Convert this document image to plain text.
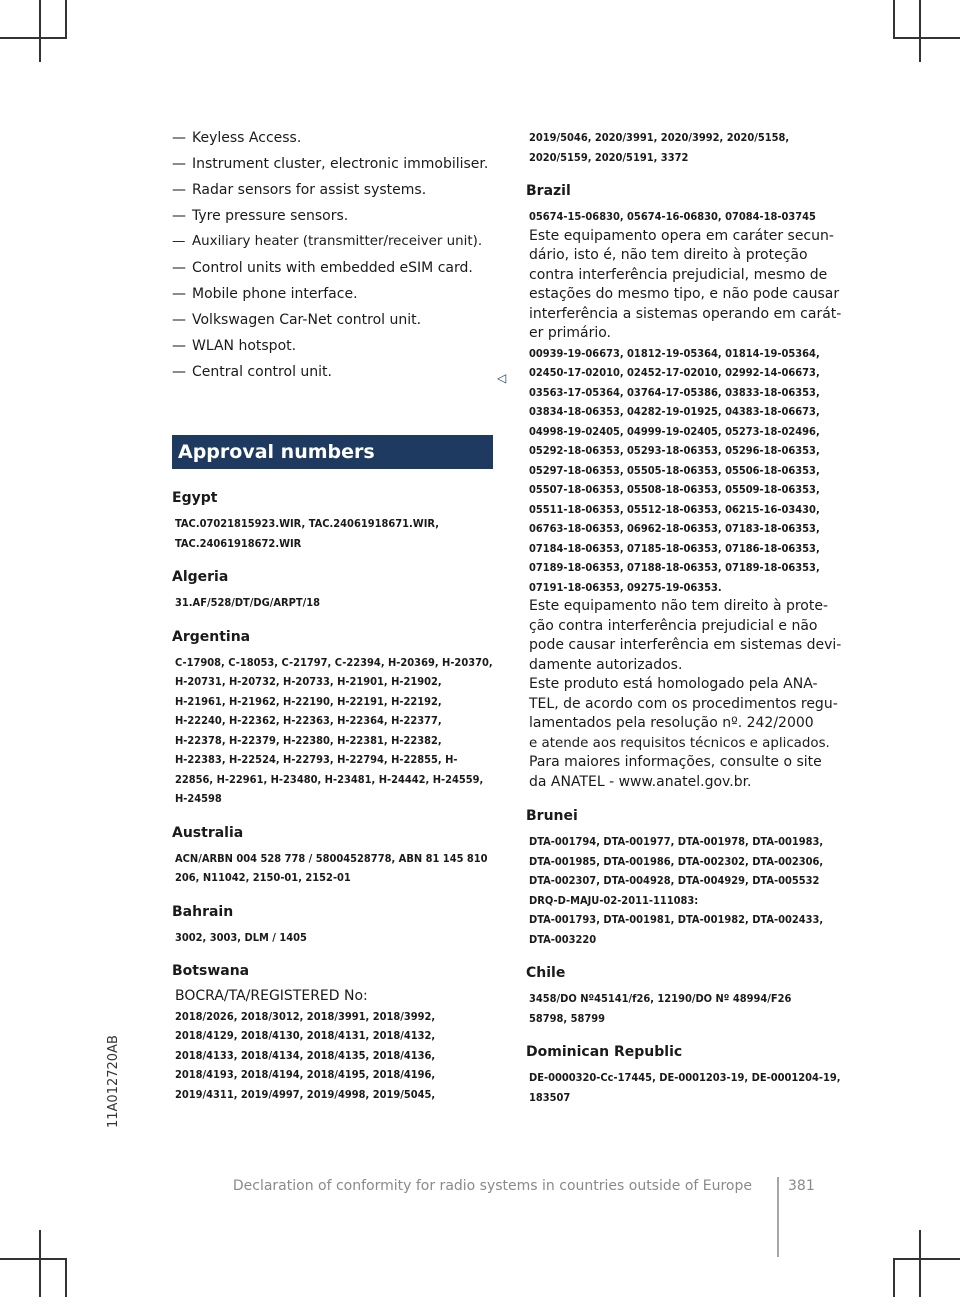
— Keyless Access.
— Instrument cluster, electronic immobiliser.
— Radar sensors for assist systems.
— Tyre pressure sensors.
— Auxiliary heater (transmitter/receiver unit).
— Control units with embedded eSIM card.
— Mobile phone interface.
— Volkswagen Car-Net control unit.
— WLAN hotspot.
— Central control unit.
Approval numbers
Egypt
TAC.07021815923.WIR, TAC.24061918671.WIR,
TAC.24061918672.WIR
Algeria
31.AF/528/DT/DG/ARPT/18
Argentina
C-17908, C-18053, C-21797, C-22394, H-20369, H-20370,
H-20731, H-20732, H-20733, H-21901, H-21902,
H-21961, H-21962, H-22190, H-22191, H-22192,
H-22240, H-22362, H-22363, H-22364, H-22377,
H-22378, H-22379, H-22380, H-22381, H-22382,
H-22383, H-22524, H-22793, H-22794, H-22855, H-
22856, H-22961, H-23480, H-23481, H-24442, H-24559,
H-24598
Australia
ACN/ARBN 004 528 778 / 58004528778, ABN 81 145 810
206, N11042, 2150-01, 2152-01
Bahrain
3002, 3003, DLM / 1405
Botswana
BOCRA/TA/REGISTERED No:
2018/2026, 2018/3012, 2018/3991, 2018/3992,
2018/4129, 2018/4130, 2018/4131, 2018/4132,
2018/4133, 2018/4134, 2018/4135, 2018/4136,
2018/4193, 2018/4194, 2018/4195, 2018/4196,
2019/4311, 2019/4997, 2019/4998, 2019/5045,
◁
2019/5046, 2020/3991, 2020/3992, 2020/5158,
2020/5159, 2020/5191, 3372
Brazil
05674-15-06830, 05674-16-06830, 07084-18-03745
Este equipamento opera em caráter secun-
dário, isto é, não tem direito à proteção
contra interferência prejudicial, mesmo de
estações do mesmo tipo, e não pode causar
interferência a sistemas operando em carát-
er primário.
00939-19-06673, 01812-19-05364, 01814-19-05364,
02450-17-02010, 02452-17-02010, 02992-14-06673,
03563-17-05364, 03764-17-05386, 03833-18-06353,
03834-18-06353, 04282-19-01925, 04383-18-06673,
04998-19-02405, 04999-19-02405, 05273-18-02496,
05292-18-06353, 05293-18-06353, 05296-18-06353,
05297-18-06353, 05505-18-06353, 05506-18-06353,
05507-18-06353, 05508-18-06353, 05509-18-06353,
05511-18-06353, 05512-18-06353, 06215-16-03430,
06763-18-06353, 06962-18-06353, 07183-18-06353,
07184-18-06353, 07185-18-06353, 07186-18-06353,
07189-18-06353, 07188-18-06353, 07189-18-06353,
07191-18-06353, 09275-19-06353.
Este equipamento não tem direito à prote-
ção contra interferência prejudicial e não
pode causar interferência em sistemas devi-
damente autorizados.
Este produto está homologado pela ANA-
TEL, de acordo com os procedimentos regu-
lamentados pela resolução nº. 242/2000
e atende aos requisitos técnicos e aplicados.
Para maiores informações, consulte o site
da ANATEL - www.anatel.gov.br.
Brunei
DTA-001794, DTA-001977, DTA-001978, DTA-001983,
DTA-001985, DTA-001986, DTA-002302, DTA-002306,
DTA-002307, DTA-004928, DTA-004929, DTA-005532
DRQ-D-MAJU-02-2011-111083:
DTA-001793, DTA-001981, DTA-001982, DTA-002433,
DTA-003220
Chile
3458/DO Nº45141/f26, 12190/DO Nº 48994/F26
58798, 58799
Dominican Republic
DE-0000320-Cc-17445, DE-0001203-19, DE-0001204-19,
183507
11A012720AB
Declaration of conformity for radio systems in countries outside of Europe	381
